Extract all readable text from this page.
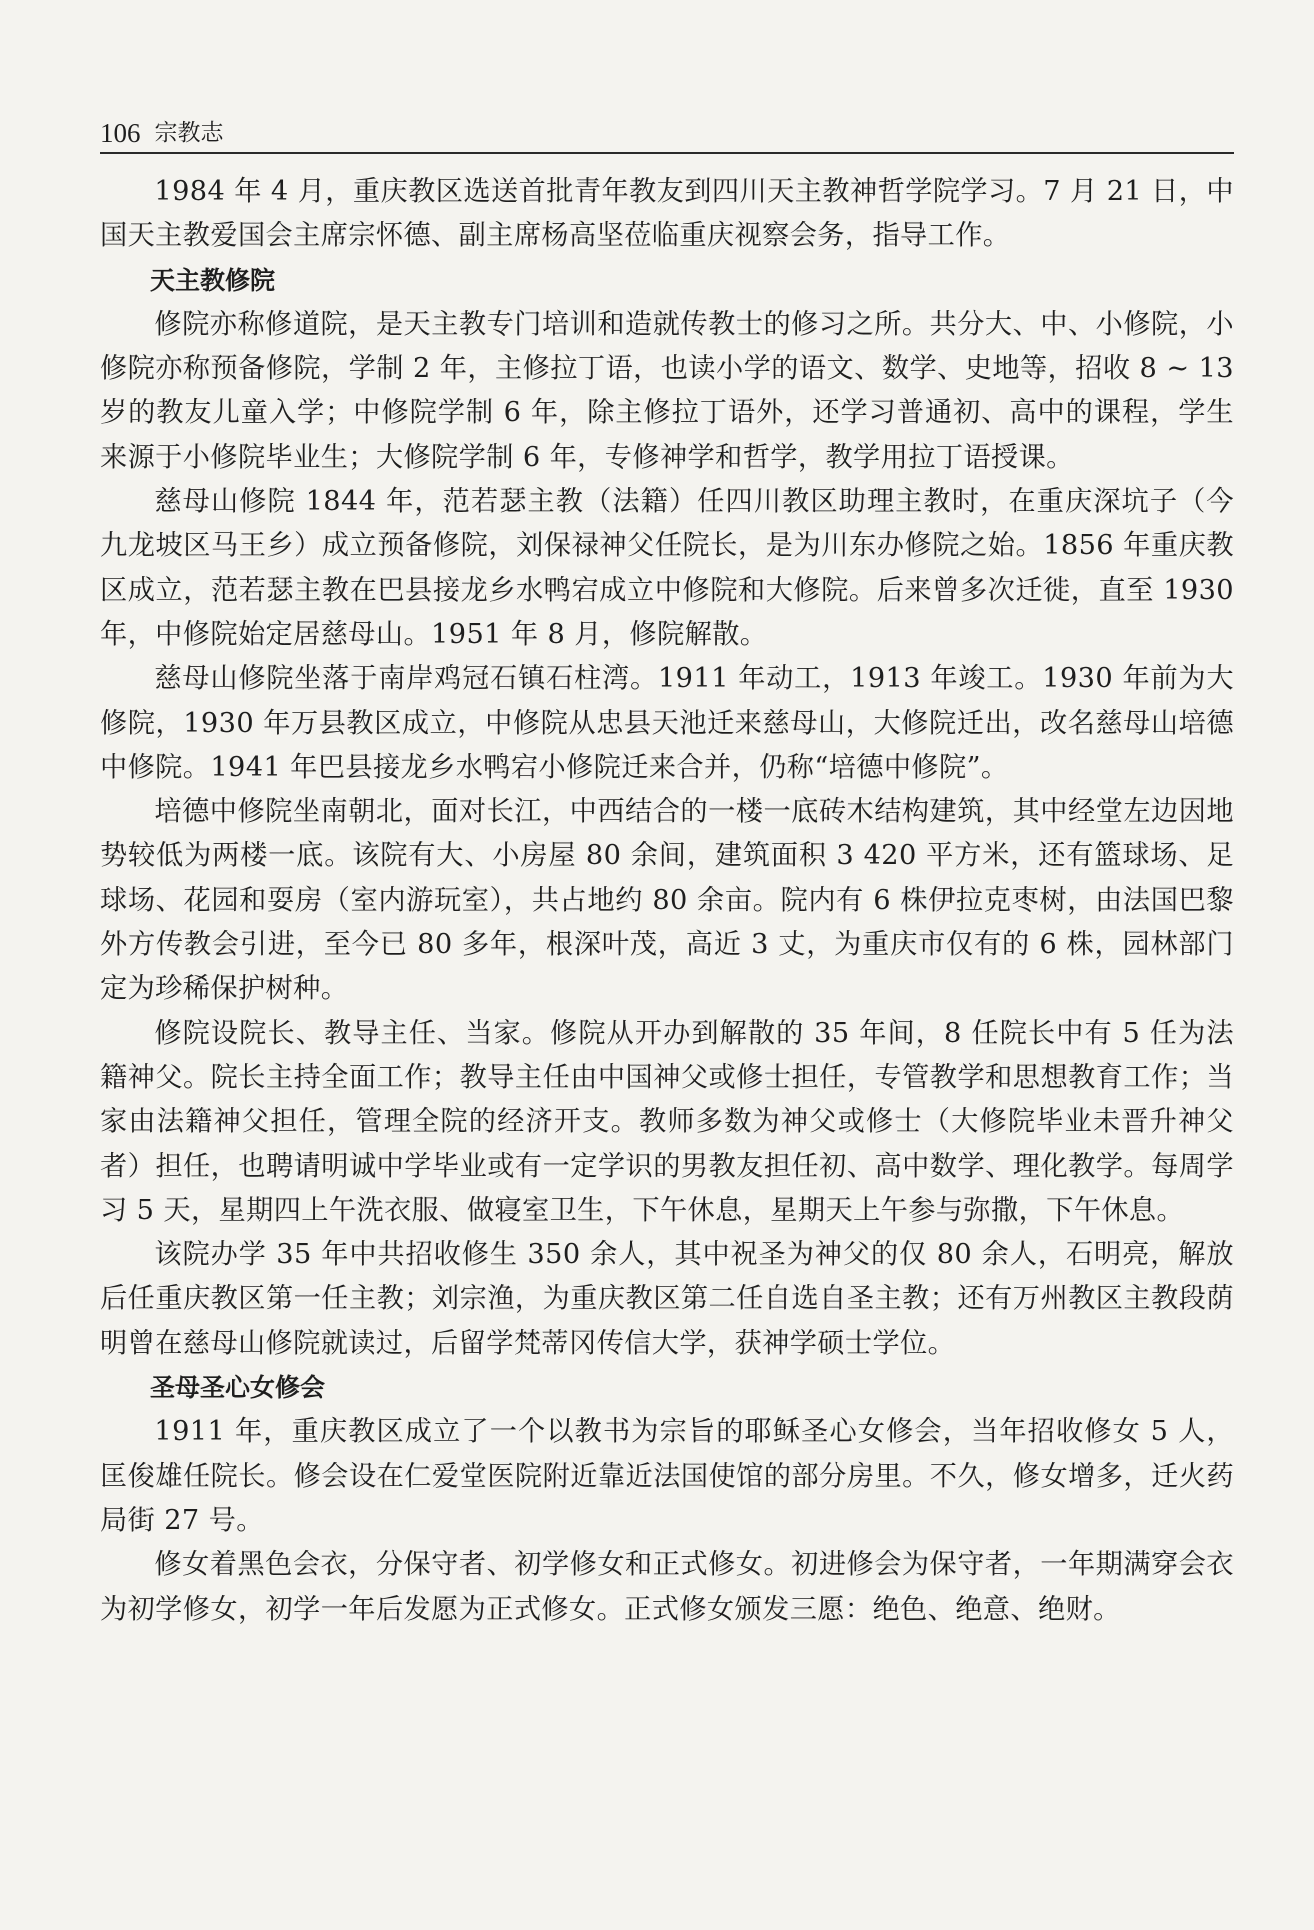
106 宗教志

1984 年 4 月，重庆教区选送首批青年教友到四川天主教神哲学院学习。7 月 21 日，中国天主教爱国会主席宗怀德、副主席杨高坚莅临重庆视察会务，指导工作。

天主教修院

修院亦称修道院，是天主教专门培训和造就传教士的修习之所。共分大、中、小修院，小修院亦称预备修院，学制 2 年，主修拉丁语，也读小学的语文、数学、史地等，招收 8 ~ 13 岁的教友儿童入学；中修院学制 6 年，除主修拉丁语外，还学习普通初、高中的课程，学生来源于小修院毕业生；大修院学制 6 年，专修神学和哲学，教学用拉丁语授课。

慈母山修院 1844 年，范若瑟主教（法籍）任四川教区助理主教时，在重庆深坑子（今九龙坡区马王乡）成立预备修院，刘保禄神父任院长，是为川东办修院之始。1856 年重庆教区成立，范若瑟主教在巴县接龙乡水鸭宕成立中修院和大修院。后来曾多次迁徙，直至 1930 年，中修院始定居慈母山。1951 年 8 月，修院解散。

慈母山修院坐落于南岸鸡冠石镇石柱湾。1911 年动工，1913 年竣工。1930 年前为大修院，1930 年万县教区成立，中修院从忠县天池迁来慈母山，大修院迁出，改名慈母山培德中修院。1941 年巴县接龙乡水鸭宕小修院迁来合并，仍称“培德中修院”。

培德中修院坐南朝北，面对长江，中西结合的一楼一底砖木结构建筑，其中经堂左边因地势较低为两楼一底。该院有大、小房屋 80 余间，建筑面积 3 420 平方米，还有篮球场、足球场、花园和耍房（室内游玩室），共占地约 80 余亩。院内有 6 株伊拉克枣树，由法国巴黎外方传教会引进，至今已 80 多年，根深叶茂，高近 3 丈，为重庆市仅有的 6 株，园林部门定为珍稀保护树种。

修院设院长、教导主任、当家。修院从开办到解散的 35 年间，8 任院长中有 5 任为法籍神父。院长主持全面工作；教导主任由中国神父或修士担任，专管教学和思想教育工作；当家由法籍神父担任，管理全院的经济开支。教师多数为神父或修士（大修院毕业未晋升神父者）担任，也聘请明诚中学毕业或有一定学识的男教友担任初、高中数学、理化教学。每周学习 5 天，星期四上午洗衣服、做寝室卫生，下午休息，星期天上午参与弥撒，下午休息。

该院办学 35 年中共招收修生 350 余人，其中祝圣为神父的仅 80 余人，石明亮，解放后任重庆教区第一任主教；刘宗渔，为重庆教区第二任自选自圣主教；还有万州教区主教段荫明曾在慈母山修院就读过，后留学梵蒂冈传信大学，获神学硕士学位。

圣母圣心女修会

1911 年，重庆教区成立了一个以教书为宗旨的耶稣圣心女修会，当年招收修女 5 人，匡俊雄任院长。修会设在仁爱堂医院附近靠近法国使馆的部分房里。不久，修女增多，迁火药局街 27 号。

修女着黑色会衣，分保守者、初学修女和正式修女。初进修会为保守者，一年期满穿会衣为初学修女，初学一年后发愿为正式修女。正式修女颁发三愿：绝色、绝意、绝财。
